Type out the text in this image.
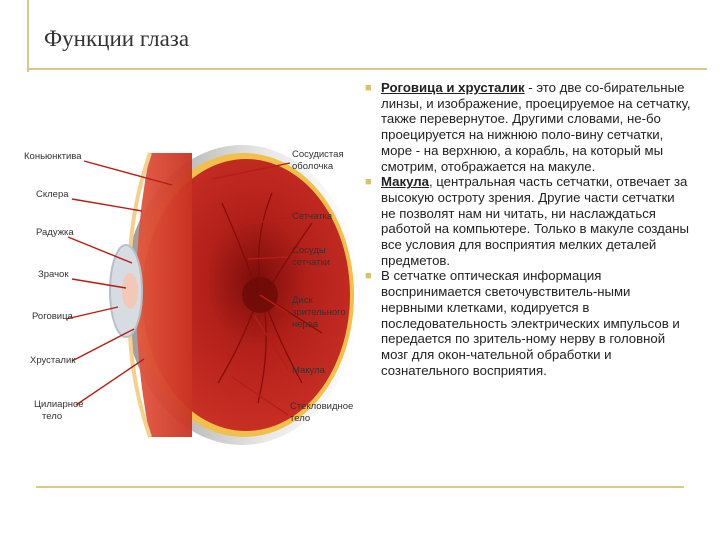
Функции глаза
Коньюнктива
Склера
Радужка
Зрачок
Роговица
Хрусталик
Цилиарное
тело
Сосудистая
оболочка
Сетчатка
Сосуды
сетчатки
Диск
зрительного
нерва
Макула
Стекловидное
тело
■ Роговица и хрусталик - это две со-бирательные линзы, и изображение, проецируемое на сетчатку, также перевернутое. Другими словами, не-бо проецируется на нижнюю поло-вину сетчатки, море - на верхнюю, а корабль, на который мы смотрим, отображается на макуле.
■ Макула, центральная часть сетчатки, отвечает за высокую остроту зрения. Другие части сетчатки не позволят нам ни читать, ни наслаждаться работой на компьютере. Только в макуле созданы все условия для восприятия мелких деталей предметов.
■ В сетчатке оптическая информация воспринимается светочувствитель-ными нервными клетками, кодируется в последовательность электрических импульсов и передается по зритель-ному нерву в головной мозг для окон-чательной обработки и сознательного восприятия.
